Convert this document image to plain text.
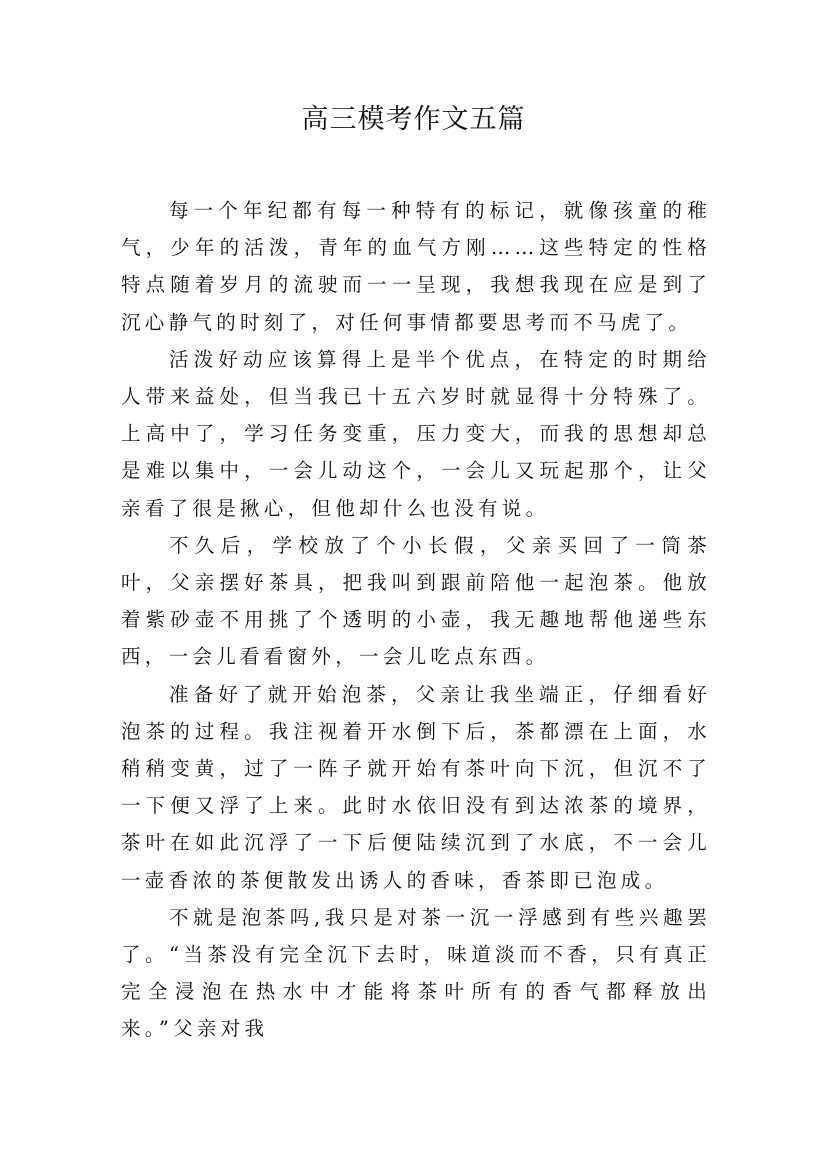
高三模考作文五篇

每一个年纪都有每一种特有的标记，就像孩童的稚气，少年的活泼，青年的血气方刚……这些特定的性格特点随着岁月的流驶而一一呈现，我想我现在应是到了沉心静气的时刻了，对任何事情都要思考而不马虎了。

活泼好动应该算得上是半个优点，在特定的时期给人带来益处，但当我已十五六岁时就显得十分特殊了。上高中了，学习任务变重，压力变大，而我的思想却总是难以集中，一会儿动这个，一会儿又玩起那个，让父亲看了很是揪心，但他却什么也没有说。

不久后，学校放了个小长假，父亲买回了一筒茶叶，父亲摆好茶具，把我叫到跟前陪他一起泡茶。他放着紫砂壶不用挑了个透明的小壶，我无趣地帮他递些东西，一会儿看看窗外，一会儿吃点东西。

准备好了就开始泡茶，父亲让我坐端正，仔细看好泡茶的过程。我注视着开水倒下后，茶都漂在上面，水稍稍变黄，过了一阵子就开始有茶叶向下沉，但沉不了一下便又浮了上来。此时水依旧没有到达浓茶的境界，茶叶在如此沉浮了一下后便陆续沉到了水底，不一会儿一壶香浓的茶便散发出诱人的香味，香茶即已泡成。

不就是泡茶吗,我只是对茶一沉一浮感到有些兴趣罢了。“当茶没有完全沉下去时，味道淡而不香，只有真正完全浸泡在热水中才能将茶叶所有的香气都释放出来。”父亲对我
